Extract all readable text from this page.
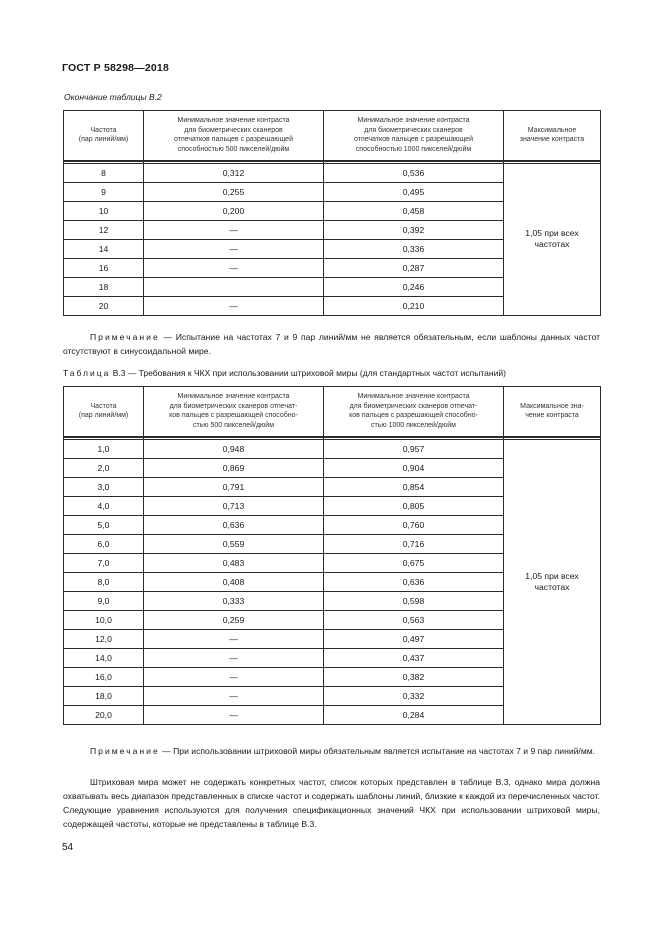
ГОСТ Р 58298—2018
Окончание таблицы В.2
Частота
(пар линий/мм)	Минимальное значение контраста
для биометрических сканеров
отпечатков пальцев с разрешающей
способностью 500 пикселей/дюйм	Минимальное значение контраста
для биометрических сканеров
отпечатков пальцев с разрешающей
способностью 1000 пикселей/дюйм	Максимальное
значение контраста

8	0,312	0,536	1,05 при всех
частотах
9	0,255	0,495	
10	0,200	0,458	
12	—	0,392	
14	—	0,336	
16	—	0,287	
18		0,246	
20	—	0,210	
Примечание — Испытание на частотах 7 и 9 пар линий/мм не является обязательным, если шаблоны данных частот отсутствуют в синусоидальной мире.
Таблица В.3 — Требования к ЧКХ при использовании штриховой миры (для стандартных частот испытаний)
Частота
(пар линий/мм)	Минимальное значение контраста
для биометрических сканеров отпечат-
ков пальцев с разрешающей способно-
стью 500 пикселей/дюйм	Минимальное значение контраста
для биометрических сканеров отпечат-
ков пальцев с разрешающей способно-
стью 1000 пикселей/дюйм	Максимальное зна-
чение контраста

1,0	0,948	0,957	1,05 при всех
частотах
2,0	0,869	0,904	
3,0	0,791	0,854	
4,0	0,713	0,805	
5,0	0,636	0,760	
6,0	0,559	0,716	
7,0	0,483	0,675	
8,0	0,408	0,636	
9,0	0,333	0,598	
10,0	0,259	0,563	
12,0	—	0,497	
14,0	—	0,437	
16,0	—	0,382	
18,0	—	0,332	
20,0	—	0,284	
Примечание — При использовании штриховой миры обязательным является испытание на частотах 7 и 9 пар линий/мм.
Штриховая мира может не содержать конкретных частот, список которых представлен в таблице В.3, однако мира должна охватывать весь диапазон представленных в списке частот и содержать шаблоны линий, близкие к каждой из перечисленных частот. Следующие уравнения используются для получения спецификационных значений ЧКХ при использовании штриховой миры, содержащей частоты, которые не представлены в таблице В.3.
54
